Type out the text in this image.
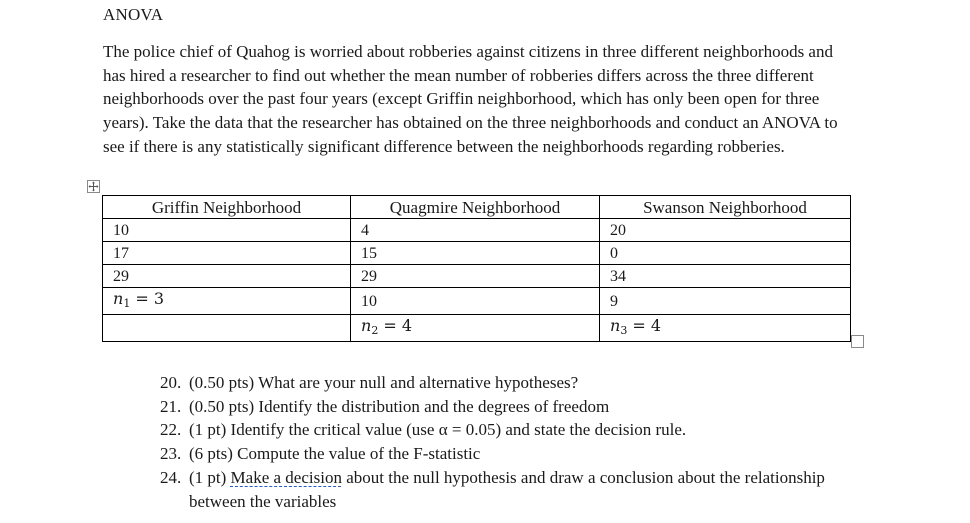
ANOVA
The police chief of Quahog is worried about robberies against citizens in three different neighborhoods and has hired a researcher to find out whether the mean number of robberies differs across the three different neighborhoods over the past four years (except Griffin neighborhood, which has only been open for three years). Take the data that the researcher has obtained on the three neighborhoods and conduct an ANOVA to see if there is any statistically significant difference between the neighborhoods regarding robberies.
Griffin Neighborhood	Quagmire Neighborhood	Swanson Neighborhood
10	4	20
17	15	0
29	29	34
$n_1 = 3$	10	9
	$n_2 = 4$	$n_3 = 4$
20. (0.50 pts) What are your null and alternative hypotheses?
21. (0.50 pts) Identify the distribution and the degrees of freedom
22. (1 pt) Identify the critical value (use α = 0.05) and state the decision rule.
23. (6 pts) Compute the value of the F-statistic
24. (1 pt) Make a decision about the null hypothesis and draw a conclusion about the relationship between the variables
